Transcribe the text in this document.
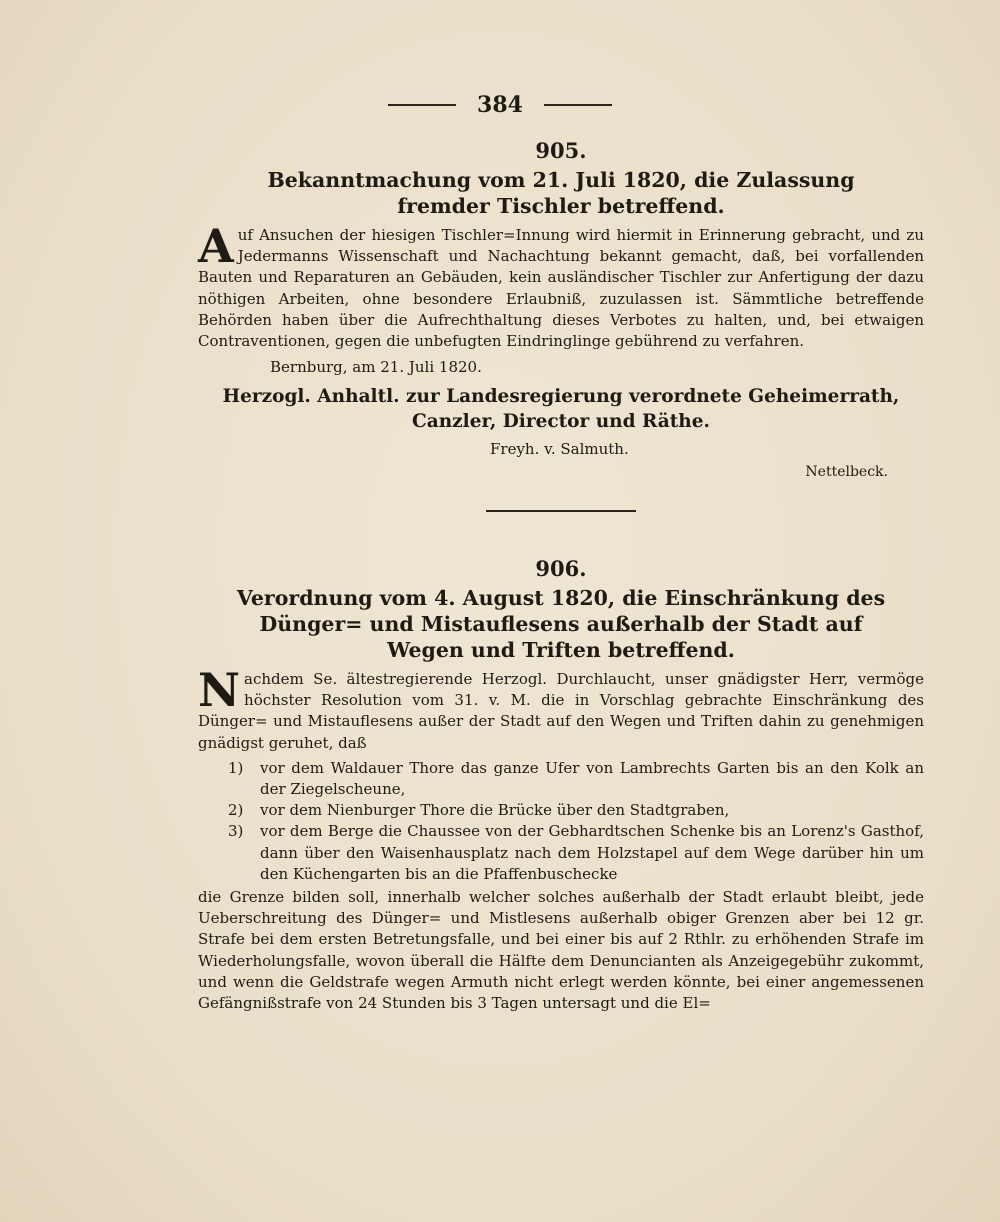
384

905.

Bekanntmachung vom 21. Juli 1820, die Zulassung fremder Tischler betreffend.

Auf Ansuchen der hiesigen Tischler=Innung wird hiermit in Erinnerung gebracht, und zu Jedermanns Wissenschaft und Nachachtung bekannt gemacht, daß, bei vorfallenden Bauten und Reparaturen an Gebäuden, kein ausländischer Tischler zur Anfertigung der dazu nöthigen Arbeiten, ohne besondere Erlaubniß, zuzulassen ist. Sämmtliche betreffende Behörden haben über die Aufrechthaltung dieses Verbotes zu halten, und, bei etwaigen Contraventionen, gegen die unbefugten Eindringlinge gebührend zu verfahren.

Bernburg, am 21. Juli 1820.

Herzogl. Anhaltl. zur Landesregierung verordnete Geheimerrath, Canzler, Director und Räthe.

Freyh. v. Salmuth.

Nettelbeck.

906.

Verordnung vom 4. August 1820, die Einschränkung des Dünger= und Mistauflesens außerhalb der Stadt auf Wegen und Triften betreffend.

Nachdem Se. ältestregierende Herzogl. Durchlaucht, unser gnädigster Herr, vermöge höchster Resolution vom 31. v. M. die in Vorschlag gebrachte Einschränkung des Dünger= und Mistauflesens außer der Stadt auf den Wegen und Triften dahin zu genehmigen gnädigst geruhet, daß

1) vor dem Waldauer Thore das ganze Ufer von Lambrechts Garten bis an den Kolk an der Ziegelscheune,
2) vor dem Nienburger Thore die Brücke über den Stadtgraben,
3) vor dem Berge die Chaussee von der Gebhardtschen Schenke bis an Lorenz's Gasthof, dann über den Waisenhausplatz nach dem Holzstapel auf dem Wege darüber hin um den Küchengarten bis an die Pfaffenbuschecke

die Grenze bilden soll, innerhalb welcher solches außerhalb der Stadt erlaubt bleibt, jede Ueberschreitung des Dünger= und Mistlesens außerhalb obiger Grenzen aber bei 12 gr. Strafe bei dem ersten Betretungsfalle, und bei einer bis auf 2 Rthlr. zu erhöhenden Strafe im Wiederholungsfalle, wovon überall die Hälfte dem Denuncianten als Anzeigegebühr zukommt, und wenn die Geldstrafe wegen Armuth nicht erlegt werden könnte, bei einer angemessenen Gefängnißstrafe von 24 Stunden bis 3 Tagen untersagt und die El=
